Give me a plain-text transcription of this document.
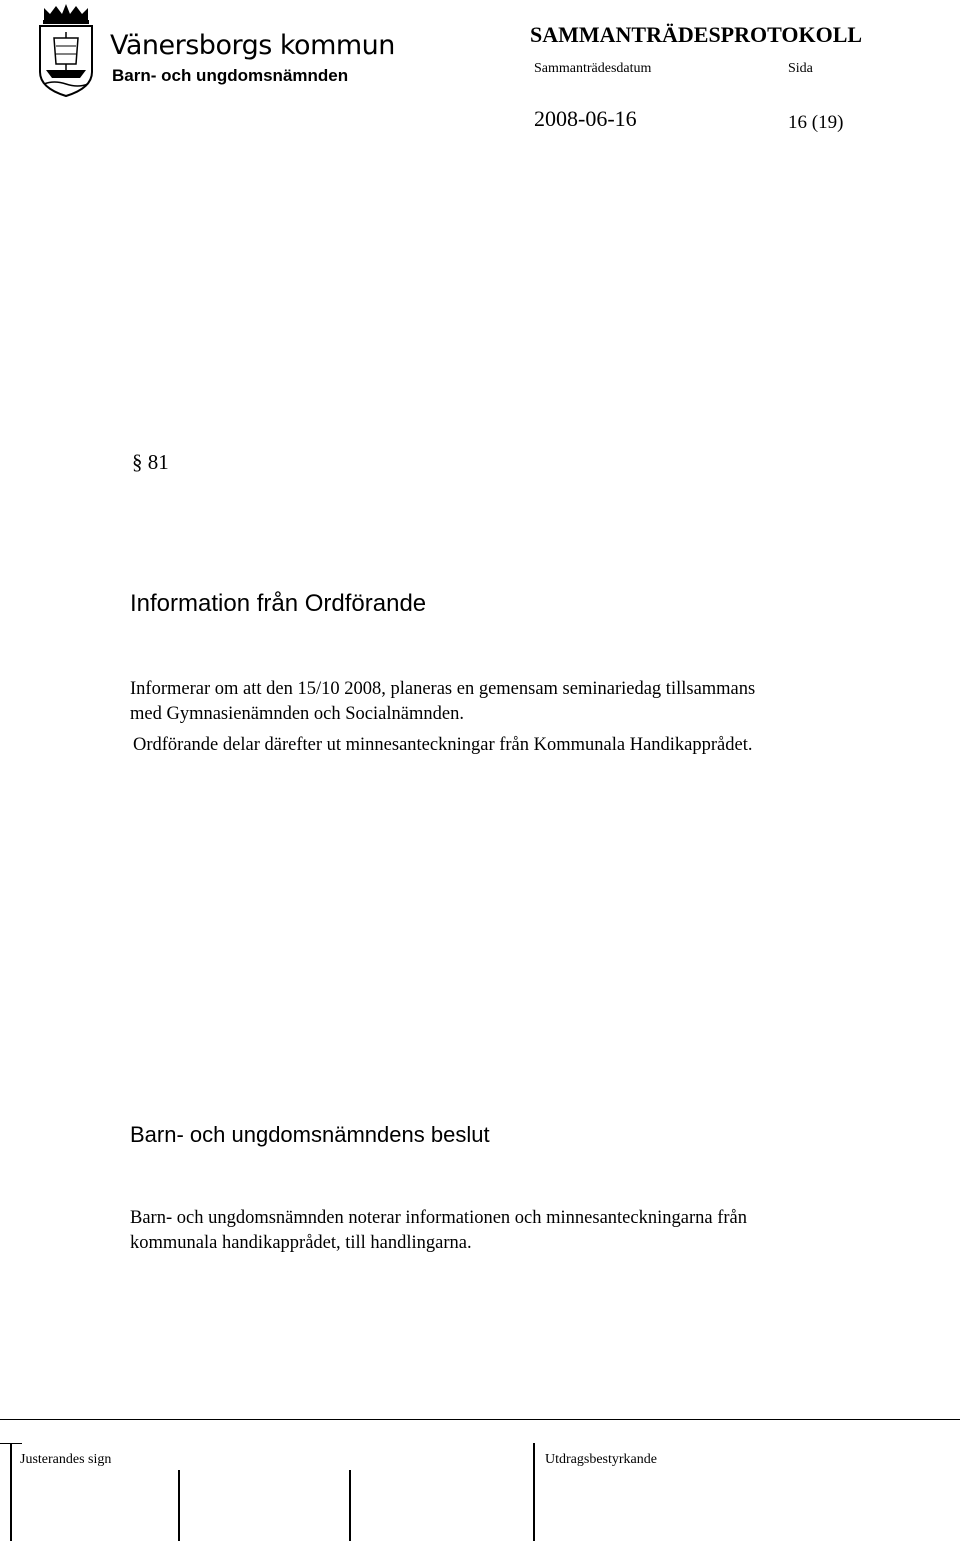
Vänersborgs kommun
Barn- och ungdomsnämnden
SAMMANTRÄDESPROTOKOLL
Sammanträdesdatum	Sida
2008-06-16	16 (19)
§ 81
Information från Ordförande
Informerar om att den 15/10 2008, planeras en gemensam seminariedag tillsammans
med Gymnasienämnden och Socialnämnden.
Ordförande delar därefter ut minnesanteckningar från Kommunala Handikapprådet.
Barn- och ungdomsnämndens beslut
Barn- och ungdomsnämnden noterar informationen och minnesanteckningarna från
kommunala handikapprådet, till handlingarna.
Justerandes sign	Utdragsbestyrkande
